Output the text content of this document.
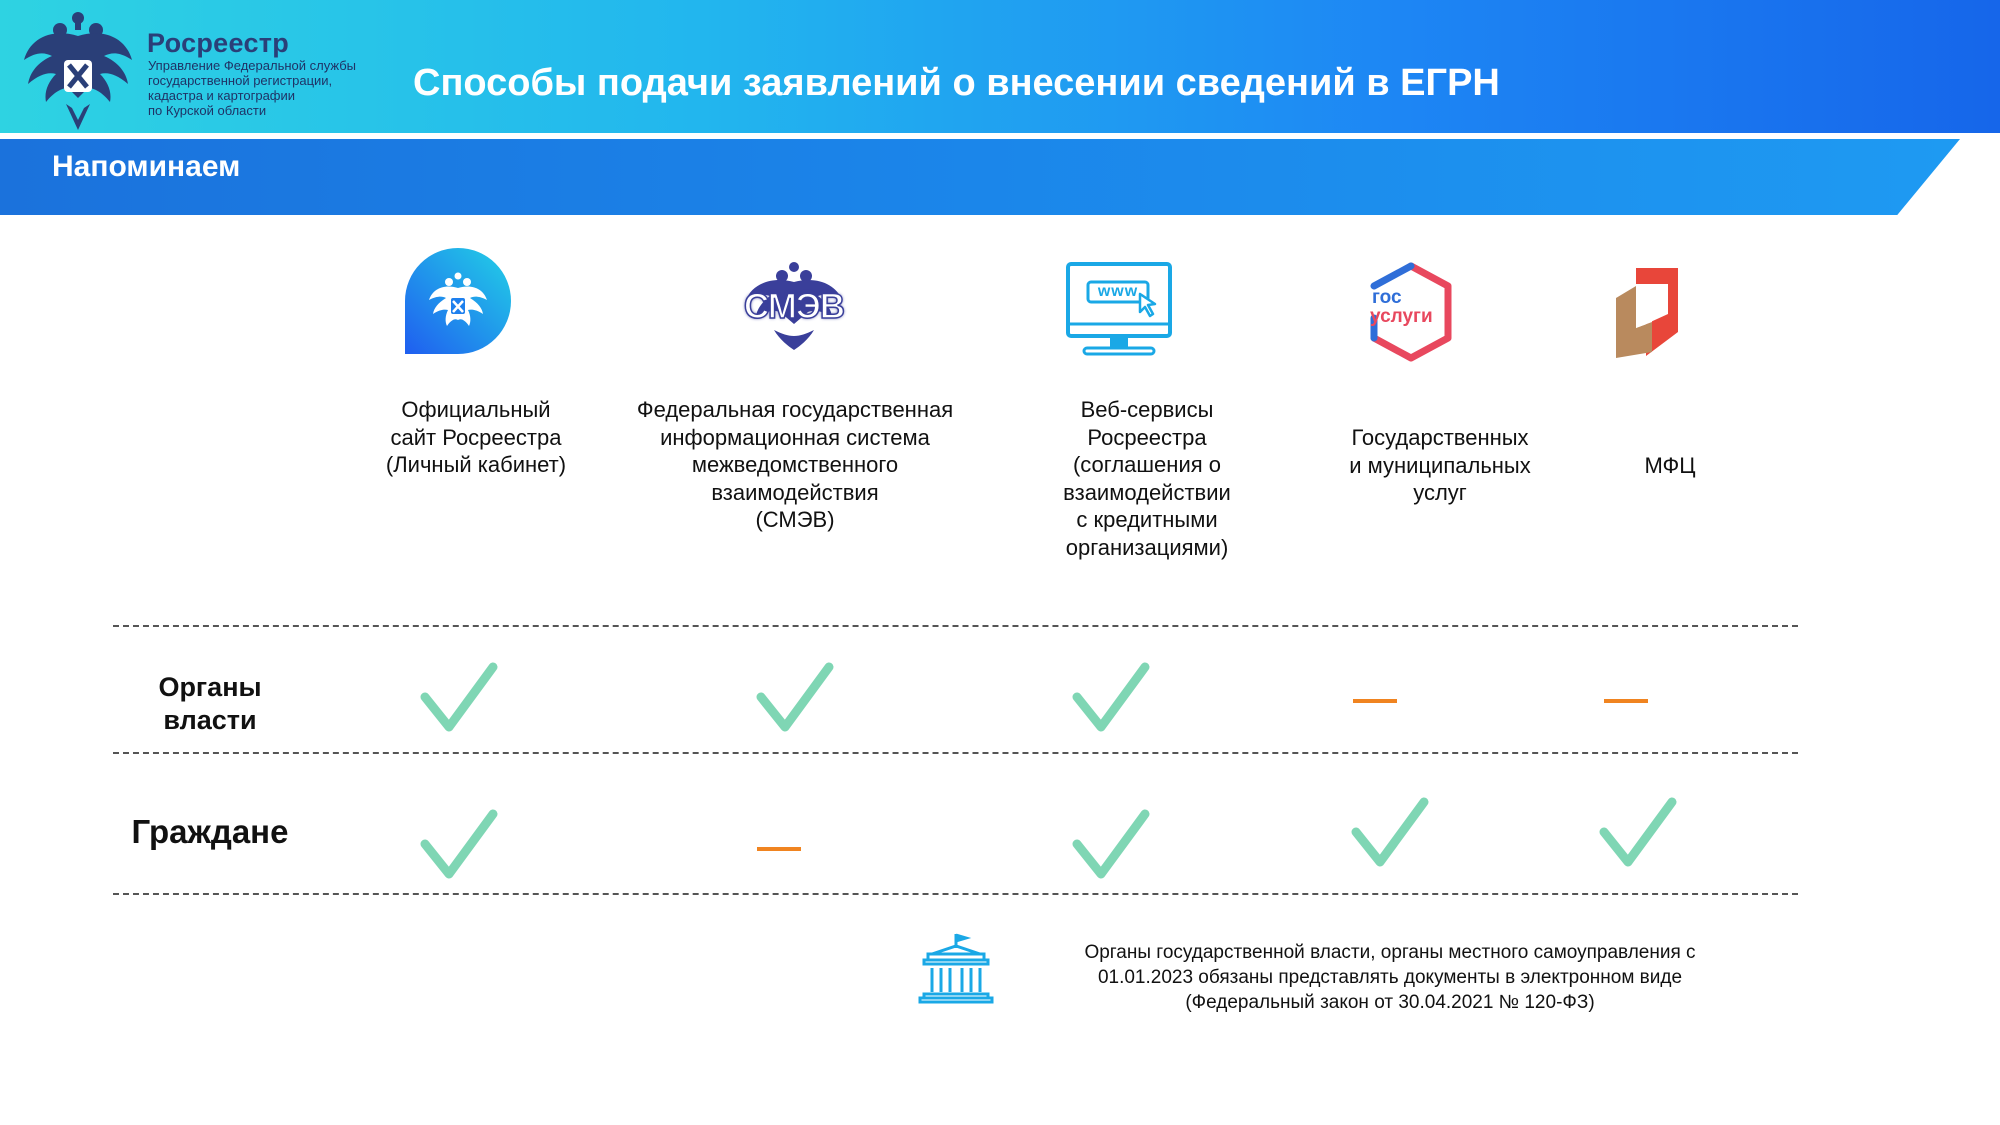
Росреестр
Управление Федеральной службы
государственной регистрации,
кадастра и картографии
по Курской области
Способы подачи заявлений о внесении сведений в ЕГРН
Напоминаем
СМЭВ	www	гос
услуги
Официальный
сайт Росреестра
(Личный кабинет)
Федеральная государственная
информационная система
межведомственного
взаимодействия
(СМЭВ)
Веб-сервисы
Росреестра
(соглашения о
взаимодействии
с кредитными
организациями)
Государственных
и муниципальных
услуг
МФЦ
Органы
власти
Граждане
Органы государственной власти, органы местного самоуправления с
01.01.2023 обязаны представлять документы в электронном виде
(Федеральный закон от 30.04.2021 № 120-ФЗ)
